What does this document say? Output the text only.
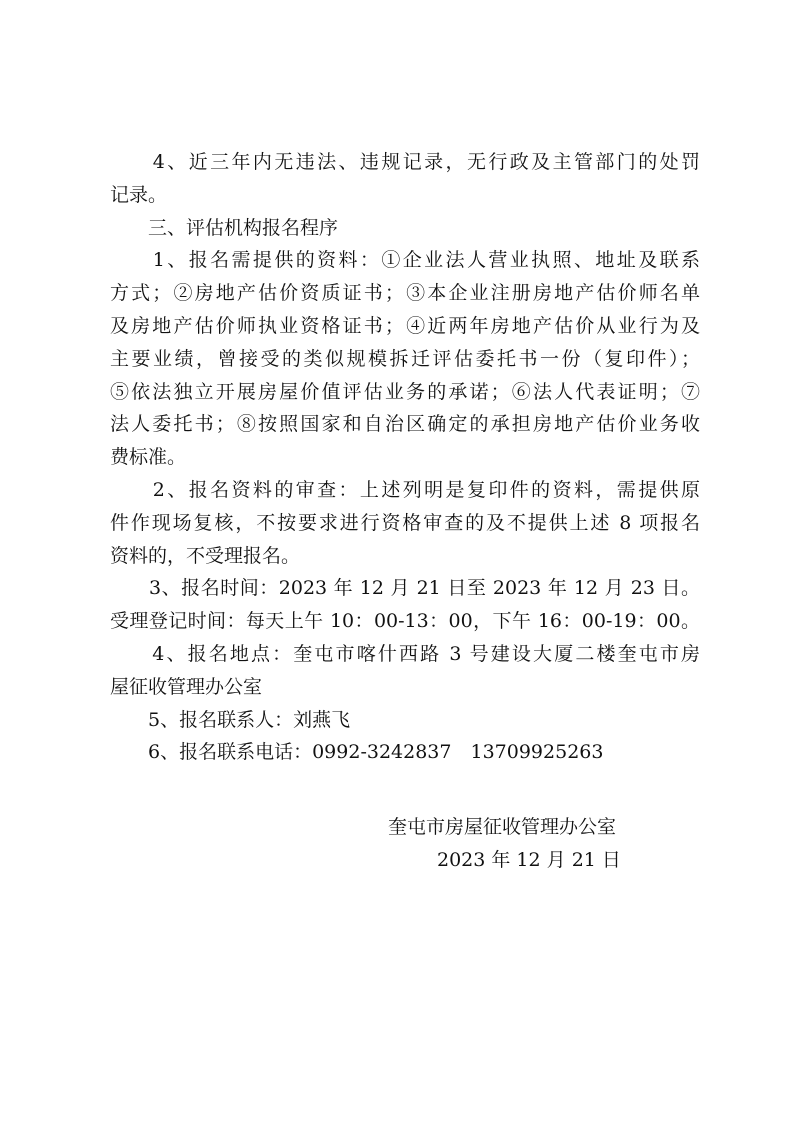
　　4、近三年内无违法、违规记录，无行政及主管部门的处罚
记录。
　　三、评估机构报名程序
　　1、报名需提供的资料：①企业法人营业执照、地址及联系
方式；②房地产估价资质证书；③本企业注册房地产估价师名单
及房地产估价师执业资格证书；④近两年房地产估价从业行为及
主要业绩，曾接受的类似规模拆迁评估委托书一份（复印件）；
⑤依法独立开展房屋价值评估业务的承诺；⑥法人代表证明；⑦
法人委托书；⑧按照国家和自治区确定的承担房地产估价业务收
费标准。
　　2、报名资料的审查：上述列明是复印件的资料，需提供原
件作现场复核，不按要求进行资格审查的及不提供上述 8 项报名
资料的，不受理报名。
　　3、报名时间：2023 年 12 月 21 日至 2023 年 12 月 23 日。
受理登记时间：每天上午 10：00-13：00，下午 16：00-19：00。
　　4、报名地点：奎屯市喀什西路 3 号建设大厦二楼奎屯市房
屋征收管理办公室
　　5、报名联系人：刘燕飞
　　6、报名联系电话：0992-3242837　13709925263
奎屯市房屋征收管理办公室
2023 年 12 月 21 日
